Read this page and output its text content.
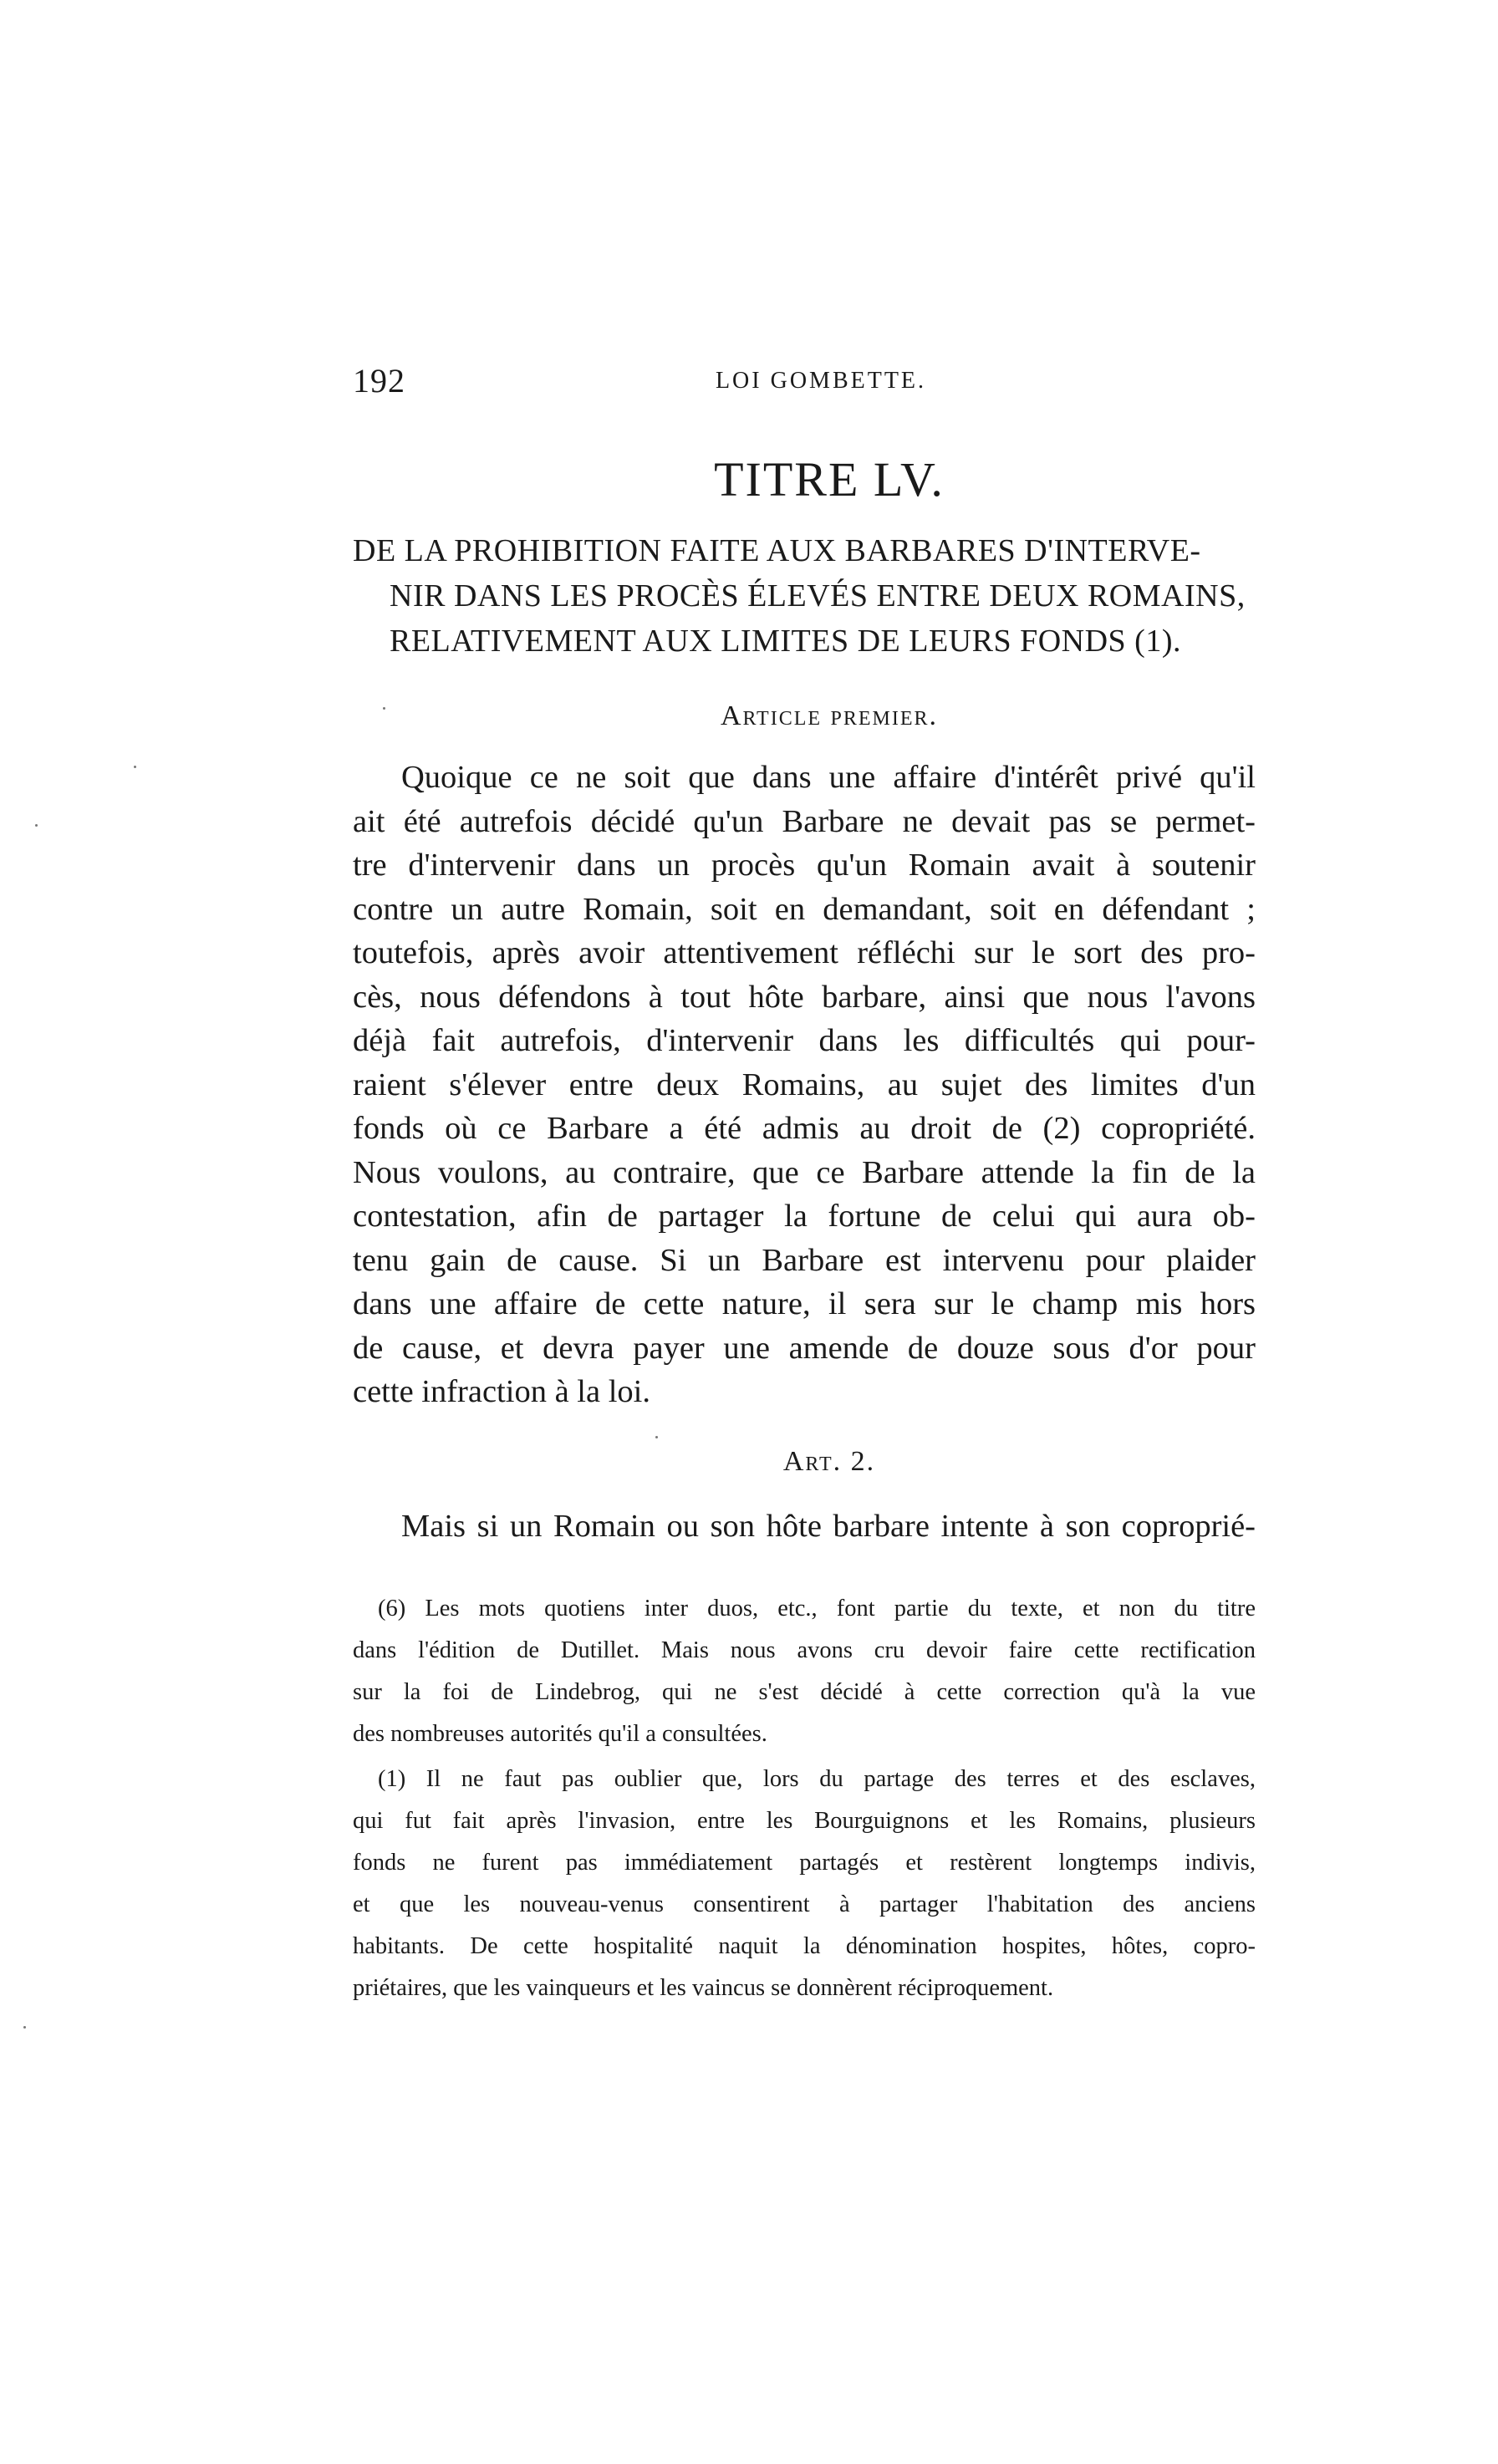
192	LOI GOMBETTE.
TITRE LV.
DE LA PROHIBITION FAITE AUX BARBARES D'INTERVE-
NIR DANS LES PROCÈS ÉLEVÉS ENTRE DEUX ROMAINS,
RELATIVEMENT AUX LIMITES DE LEURS FONDS (1).
Article premier.
Quoique ce ne soit que dans une affaire d'intérêt privé qu'il
ait été autrefois décidé qu'un Barbare ne devait pas se permet-
tre d'intervenir dans un procès qu'un Romain avait à soutenir
contre un autre Romain, soit en demandant, soit en défendant ;
toutefois, après avoir attentivement réfléchi sur le sort des pro-
cès, nous défendons à tout hôte barbare, ainsi que nous l'avons
déjà fait autrefois, d'intervenir dans les difficultés qui pour-
raient s'élever entre deux Romains, au sujet des limites d'un
fonds où ce Barbare a été admis au droit de (2) copropriété.
Nous voulons, au contraire, que ce Barbare attende la fin de la
contestation, afin de partager la fortune de celui qui aura ob-
tenu gain de cause. Si un Barbare est intervenu pour plaider
dans une affaire de cette nature, il sera sur le champ mis hors
de cause, et devra payer une amende de douze sous d'or pour
cette infraction à la loi.
Art. 2.
Mais si un Romain ou son hôte barbare intente à son coproprié-
(6) Les mots quotiens inter duos, etc., font partie du texte, et non du titre
dans l'édition de Dutillet. Mais nous avons cru devoir faire cette rectification
sur la foi de Lindebrog, qui ne s'est décidé à cette correction qu'à la vue
des nombreuses autorités qu'il a consultées.
(1) Il ne faut pas oublier que, lors du partage des terres et des esclaves,
qui fut fait après l'invasion, entre les Bourguignons et les Romains, plusieurs
fonds ne furent pas immédiatement partagés et restèrent longtemps indivis,
et que les nouveau-venus consentirent à partager l'habitation des anciens
habitants. De cette hospitalité naquit la dénomination hospites, hôtes, copro-
priétaires, que les vainqueurs et les vaincus se donnèrent réciproquement.
